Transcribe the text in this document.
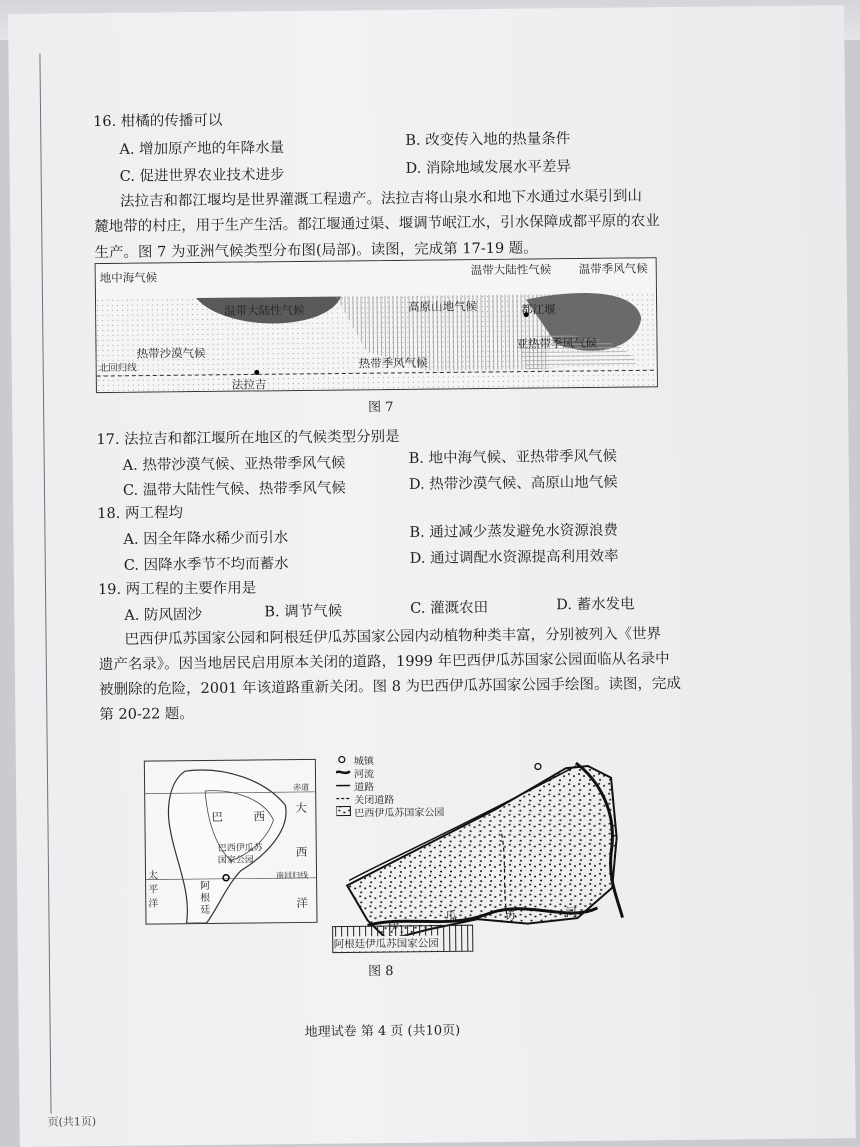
16. 柑橘的传播可以
A. 增加原产地的年降水量
B. 改变传入地的热量条件
C. 促进世界农业技术进步	D. 消除地域发展水平差异
法拉吉和都江堰均是世界灌溉工程遗产。法拉吉将山泉水和地下水通过水渠引到山
麓地带的村庄，用于生产生活。都江堰通过渠、堰调节岷江水，引水保障成都平原的农业
生产。图 7 为亚洲气候类型分布图(局部)。读图，完成第 17-19 题。
地中海气候
温带大陆性气候 温带季风气候
温带大陆性气候	高原山地气候	都江堰
热带沙漠气候
亚热带季风气候
北回归线	热带季风气候
法拉吉
图 7
17. 法拉吉和都江堰所在地区的气候类型分别是
A. 热带沙漠气候、亚热带季风气候	B. 地中海气候、亚热带季风气候
C. 温带大陆性气候、热带季风气候	D. 热带沙漠气候、高原山地气候
18. 两工程均
A. 因全年降水稀少而引水	B. 通过减少蒸发避免水资源浪费
C. 因降水季节不均而蓄水	D. 通过调配水资源提高利用效率
19. 两工程的主要作用是
A. 防风固沙	B. 调节气候	C. 灌溉农田	D. 蓄水发电
巴西伊瓜苏国家公园和阿根廷伊瓜苏国家公园内动植物种类丰富，分别被列入《世界
遗产名录》。因当地居民启用原本关闭的道路，1999 年巴西伊瓜苏国家公园面临从名录中
被删除的危险，2001 年该道路重新关闭。图 8 为巴西伊瓜苏国家公园手绘图。读图，完成
第 20-22 题。
巴	西
巴西伊瓜苏国家公园
大
西
洋
太平洋
阿根廷
赤道
南回归线
城镇
河流
道路
关闭道路
巴西伊瓜苏国家公园
伊
瓜	苏	河
阿根廷伊瓜苏国家公园
图 8
地理试卷 第 4 页 (共10页)
页(共1页)
